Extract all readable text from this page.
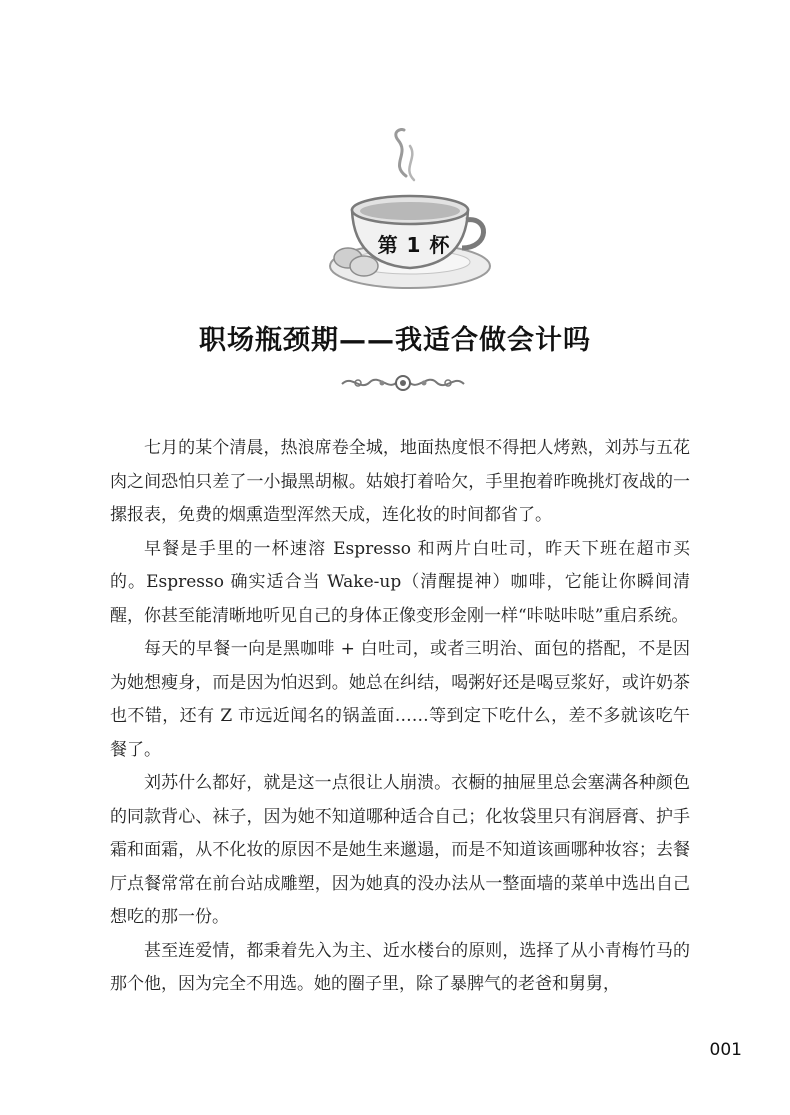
第 1 杯
职场瓶颈期——我适合做会计吗

七月的某个清晨，热浪席卷全城，地面热度恨不得把人烤熟，刘苏与五花肉之间恐怕只差了一小撮黑胡椒。姑娘打着哈欠，手里抱着昨晚挑灯夜战的一摞报表，免费的烟熏造型浑然天成，连化妆的时间都省了。

早餐是手里的一杯速溶 Espresso 和两片白吐司，昨天下班在超市买的。Espresso 确实适合当 Wake-up（清醒提神）咖啡，它能让你瞬间清醒，你甚至能清晰地听见自己的身体正像变形金刚一样“咔哒咔哒”重启系统。

每天的早餐一向是黑咖啡 + 白吐司，或者三明治、面包的搭配，不是因为她想瘦身，而是因为怕迟到。她总在纠结，喝粥好还是喝豆浆好，或许奶茶也不错，还有 Z 市远近闻名的锅盖面……等到定下吃什么，差不多就该吃午餐了。

刘苏什么都好，就是这一点很让人崩溃。衣橱的抽屉里总会塞满各种颜色的同款背心、袜子，因为她不知道哪种适合自己；化妆袋里只有润唇膏、护手霜和面霜，从不化妆的原因不是她生来邋遢，而是不知道该画哪种妆容；去餐厅点餐常常在前台站成雕塑，因为她真的没办法从一整面墙的菜单中选出自己想吃的那一份。

甚至连爱情，都秉着先入为主、近水楼台的原则，选择了从小青梅竹马的那个他，因为完全不用选。她的圈子里，除了暴脾气的老爸和舅舅，

001
